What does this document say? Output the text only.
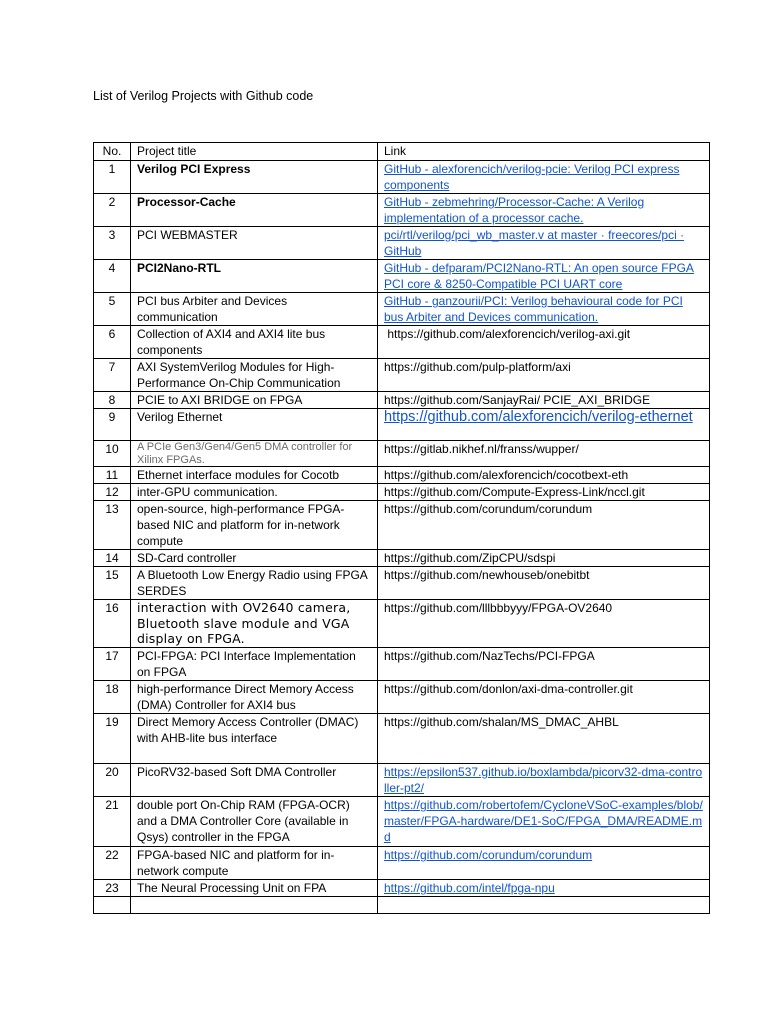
List of Verilog Projects with Github code
No.	Project title	Link
1	Verilog PCI Express	GitHub - alexforencich/verilog-pcie: Verilog PCI express components
2	Processor-Cache	GitHub - zebmehring/Processor-Cache: A Verilog implementation of a processor cache.
3	PCI WEBMASTER	pci/rtl/verilog/pci_wb_master.v at master · freecores/pci · GitHub
4	PCI2Nano-RTL	GitHub - defparam/PCI2Nano-RTL: An open source FPGA PCI core & 8250-Compatible PCI UART core
5	PCI bus Arbiter and Devices communication	GitHub - ganzourii/PCI: Verilog behavioural code for PCI bus Arbiter and Devices communication.
6	Collection of AXI4 and AXI4 lite bus components	https://github.com/alexforencich/verilog-axi.git
7	AXI SystemVerilog Modules for High-Performance On-Chip Communication	https://github.com/pulp-platform/axi
8	PCIE to AXI BRIDGE on FPGA	https://github.com/SanjayRai/ PCIE_AXI_BRIDGE
9	Verilog Ethernet	https://github.com/alexforencich/verilog-ethernet
10	A PCIe Gen3/Gen4/Gen5 DMA controller for Xilinx FPGAs.	https://gitlab.nikhef.nl/franss/wupper/
11	Ethernet interface modules for Cocotb	https://github.com/alexforencich/cocotbext-eth
12	inter-GPU communication.	https://github.com/Compute-Express-Link/nccl.git
13	open-source, high-performance FPGA-based NIC and platform for in-network compute	https://github.com/corundum/corundum
14	SD-Card controller	https://github.com/ZipCPU/sdspi
15	A Bluetooth Low Energy Radio using FPGA SERDES	https://github.com/newhouseb/onebitbt
16	interaction with OV2640 camera, Bluetooth slave module and VGA display on FPGA.	https://github.com/lllbbbyyy/FPGA-OV2640
17	PCI-FPGA: PCI Interface Implementation on FPGA	https://github.com/NazTechs/PCI-FPGA
18	high-performance Direct Memory Access (DMA) Controller for AXI4 bus	https://github.com/donlon/axi-dma-controller.git
19	Direct Memory Access Controller (DMAC) with AHB-lite bus interface	https://github.com/shalan/MS_DMAC_AHBL
20	PicoRV32-based Soft DMA Controller	https://epsilon537.github.io/boxlambda/picorv32-dma-controller-pt2/
21	double port On-Chip RAM (FPGA-OCR) and a DMA Controller Core (available in Qsys) controller in the FPGA	https://github.com/robertofem/CycloneVSoC-examples/blob/master/FPGA-hardware/DE1-SoC/FPGA_DMA/README.md
22	FPGA-based NIC and platform for in-network compute	https://github.com/corundum/corundum
23	The Neural Processing Unit on FPA	https://github.com/intel/fpga-npu
